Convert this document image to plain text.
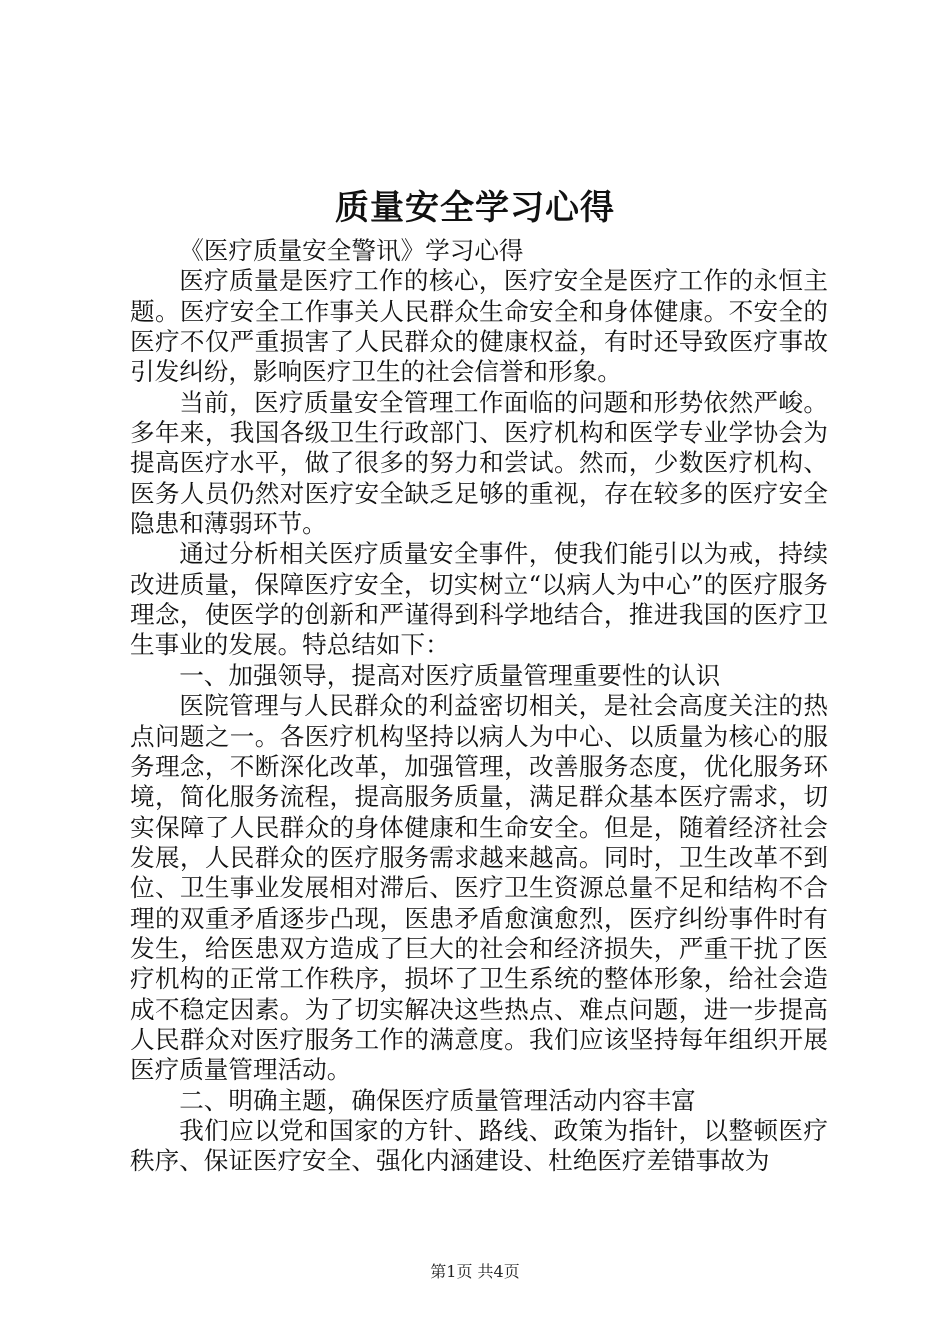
质量安全学习心得

《医疗质量安全警讯》学习心得

医疗质量是医疗工作的核心，医疗安全是医疗工作的永恒主题。医疗安全工作事关人民群众生命安全和身体健康。不安全的医疗不仅严重损害了人民群众的健康权益，有时还导致医疗事故引发纠纷，影响医疗卫生的社会信誉和形象。

当前，医疗质量安全管理工作面临的问题和形势依然严峻。多年来，我国各级卫生行政部门、医疗机构和医学专业学协会为提高医疗水平，做了很多的努力和尝试。然而，少数医疗机构、医务人员仍然对医疗安全缺乏足够的重视，存在较多的医疗安全隐患和薄弱环节。

通过分析相关医疗质量安全事件，使我们能引以为戒，持续改进质量，保障医疗安全，切实树立“以病人为中心”的医疗服务理念，使医学的创新和严谨得到科学地结合，推进我国的医疗卫生事业的发展。特总结如下：

一、加强领导，提高对医疗质量管理重要性的认识

医院管理与人民群众的利益密切相关，是社会高度关注的热点问题之一。各医疗机构坚持以病人为中心、以质量为核心的服务理念，不断深化改革，加强管理，改善服务态度，优化服务环境，简化服务流程，提高服务质量，满足群众基本医疗需求，切实保障了人民群众的身体健康和生命安全。但是，随着经济社会发展，人民群众的医疗服务需求越来越高。同时，卫生改革不到位、卫生事业发展相对滞后、医疗卫生资源总量不足和结构不合理的双重矛盾逐步凸现，医患矛盾愈演愈烈，医疗纠纷事件时有发生，给医患双方造成了巨大的社会和经济损失，严重干扰了医疗机构的正常工作秩序，损坏了卫生系统的整体形象，给社会造成不稳定因素。为了切实解决这些热点、难点问题，进一步提高人民群众对医疗服务工作的满意度。我们应该坚持每年组织开展医疗质量管理活动。

二、明确主题，确保医疗质量管理活动内容丰富

我们应以党和国家的方针、路线、政策为指针，以整顿医疗秩序、保证医疗安全、强化内涵建设、杜绝医疗差错事故为

第1页 共4页
